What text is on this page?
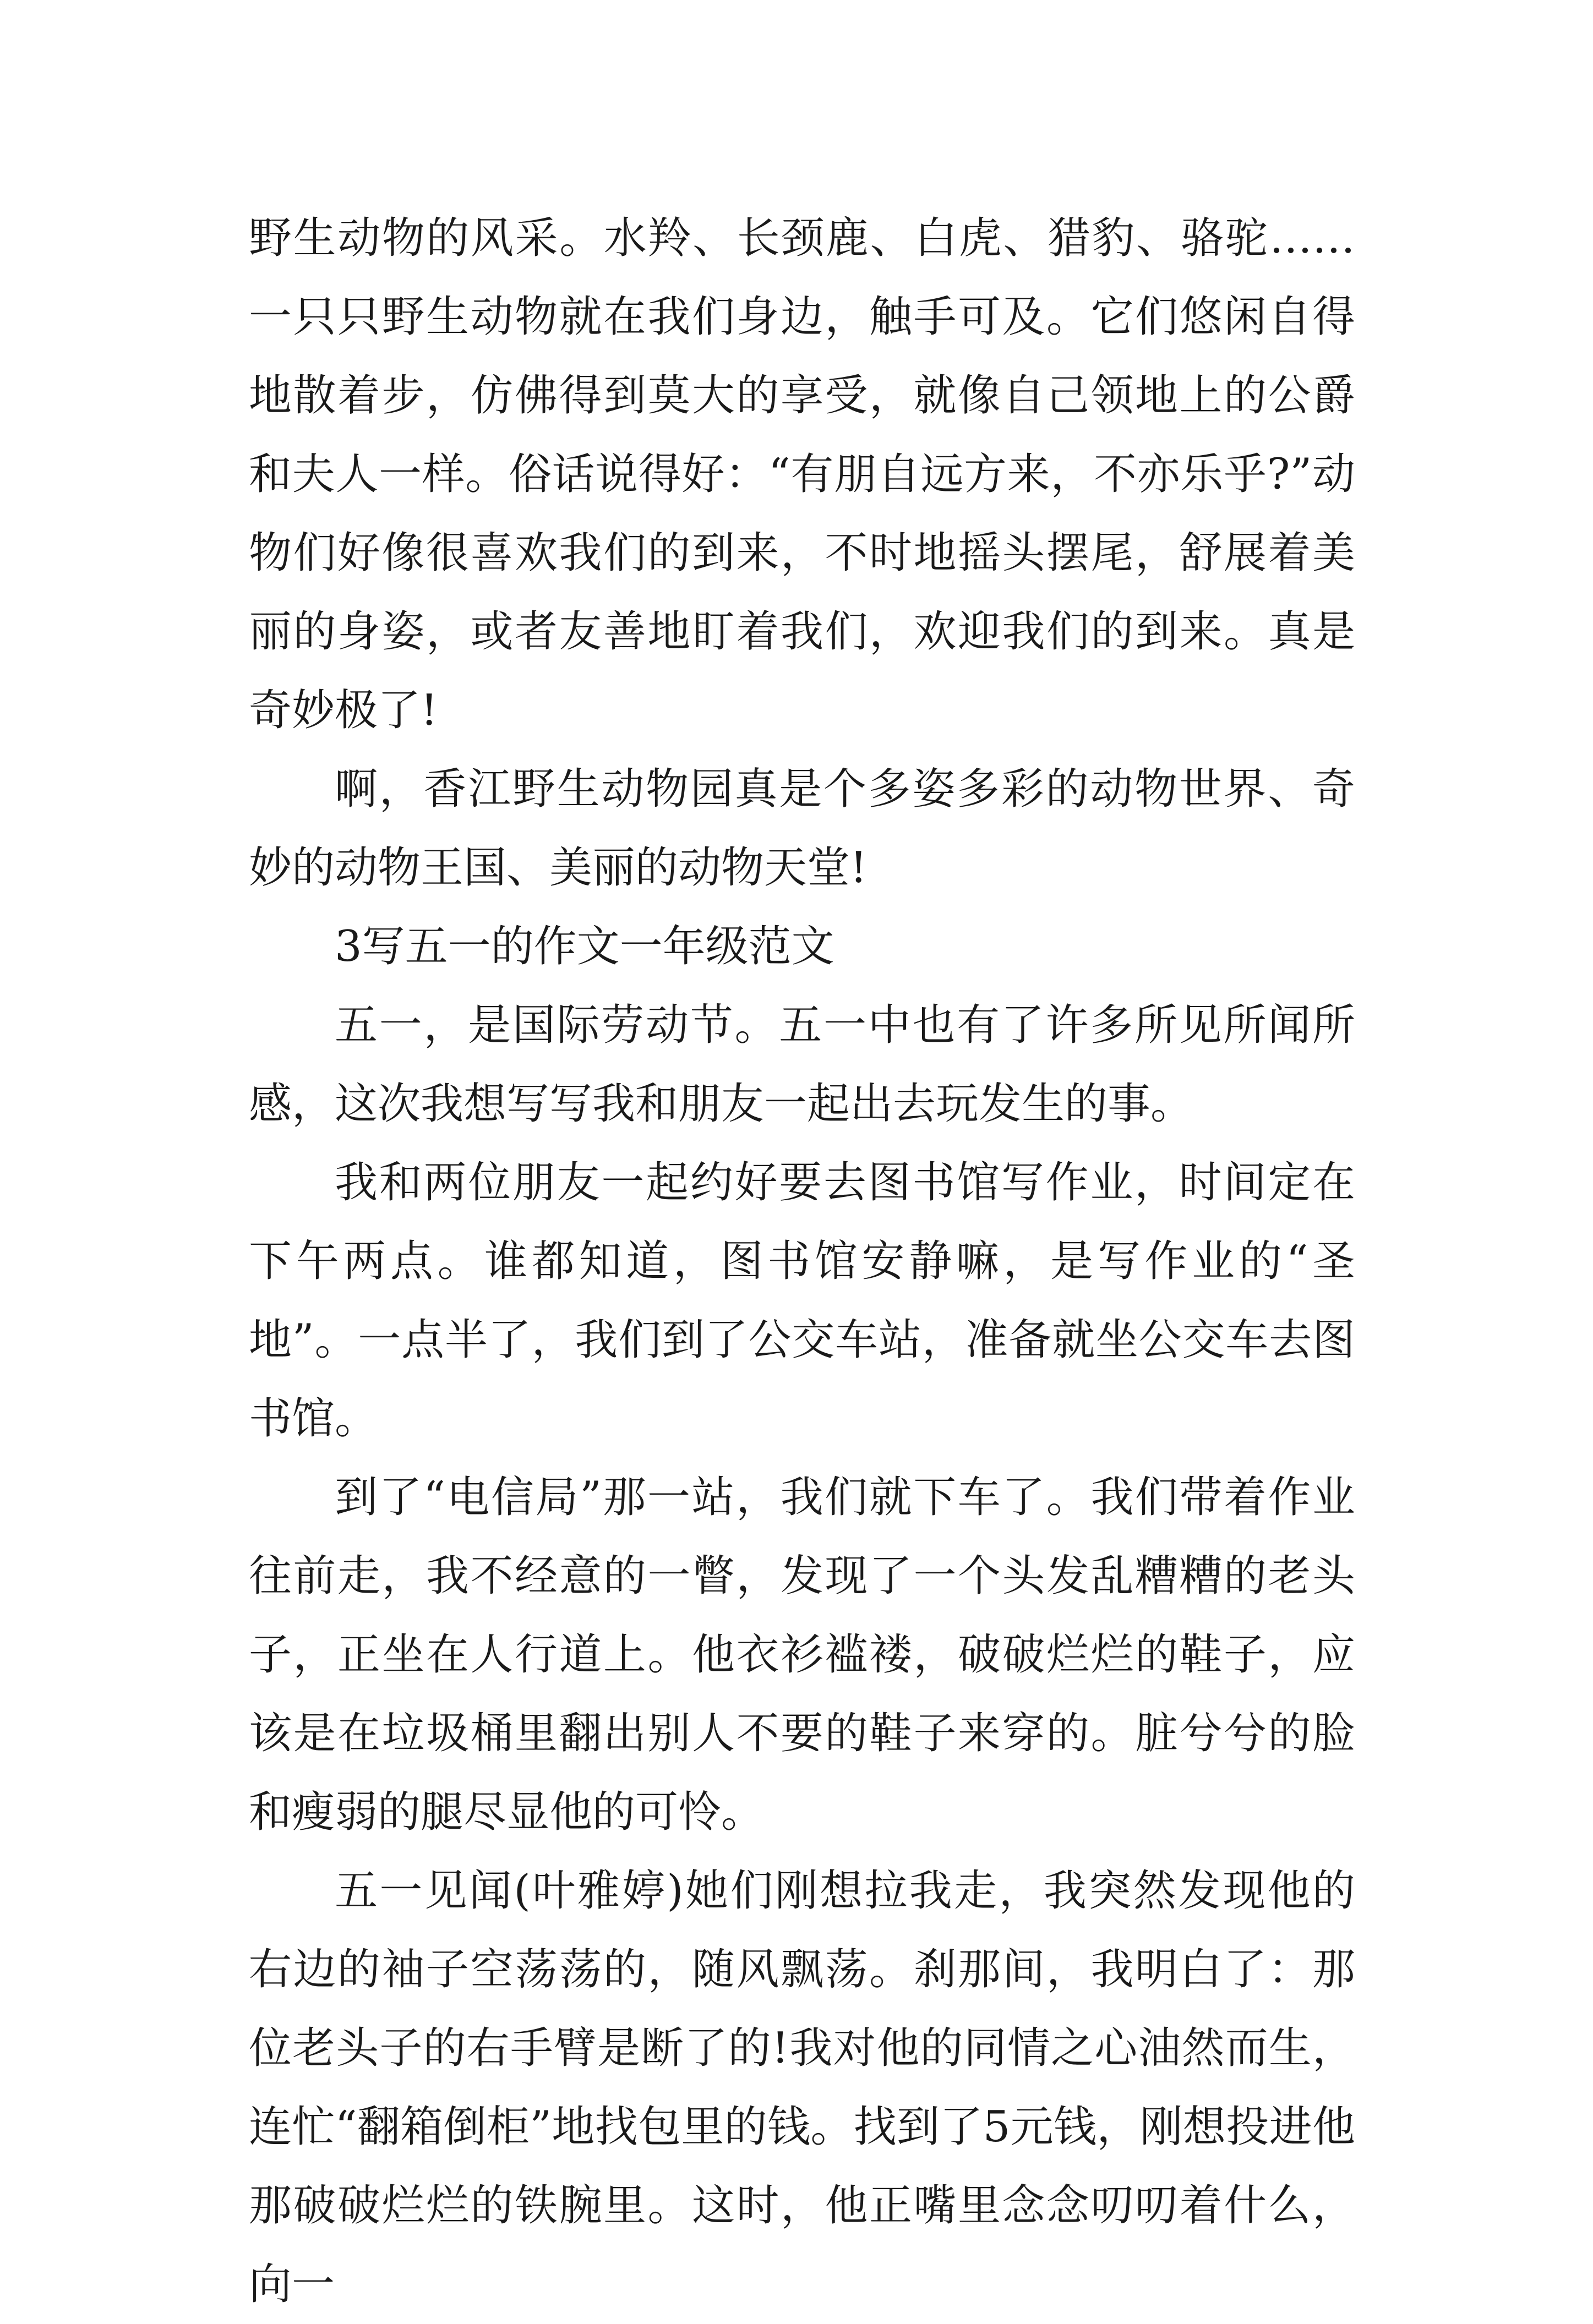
野生动物的风采。水羚、长颈鹿、白虎、猎豹、骆驼……一只只野生动物就在我们身边，触手可及。它们悠闲自得地散着步，仿佛得到莫大的享受，就像自己领地上的公爵和夫人一样。俗话说得好：“有朋自远方来，不亦乐乎?”动物们好像很喜欢我们的到来，不时地摇头摆尾，舒展着美丽的身姿，或者友善地盯着我们，欢迎我们的到来。真是奇妙极了!

啊，香江野生动物园真是个多姿多彩的动物世界、奇妙的动物王国、美丽的动物天堂!

3写五一的作文一年级范文

五一，是国际劳动节。五一中也有了许多所见所闻所感，这次我想写写我和朋友一起出去玩发生的事。

我和两位朋友一起约好要去图书馆写作业，时间定在下午两点。谁都知道，图书馆安静嘛，是写作业的“圣地”。一点半了，我们到了公交车站，准备就坐公交车去图书馆。

到了“电信局”那一站，我们就下车了。我们带着作业往前走，我不经意的一瞥，发现了一个头发乱糟糟的老头子，正坐在人行道上。他衣衫褴褛，破破烂烂的鞋子，应该是在垃圾桶里翻出别人不要的鞋子来穿的。脏兮兮的脸和瘦弱的腿尽显他的可怜。

五一见闻(叶雅婷)她们刚想拉我走，我突然发现他的右边的袖子空荡荡的，随风飘荡。刹那间，我明白了：那位老头子的右手臂是断了的!我对他的同情之心油然而生，连忙“翻箱倒柜”地找包里的钱。找到了5元钱，刚想投进他那破破烂烂的铁腕里。这时，他正嘴里念念叨叨着什么，向一
